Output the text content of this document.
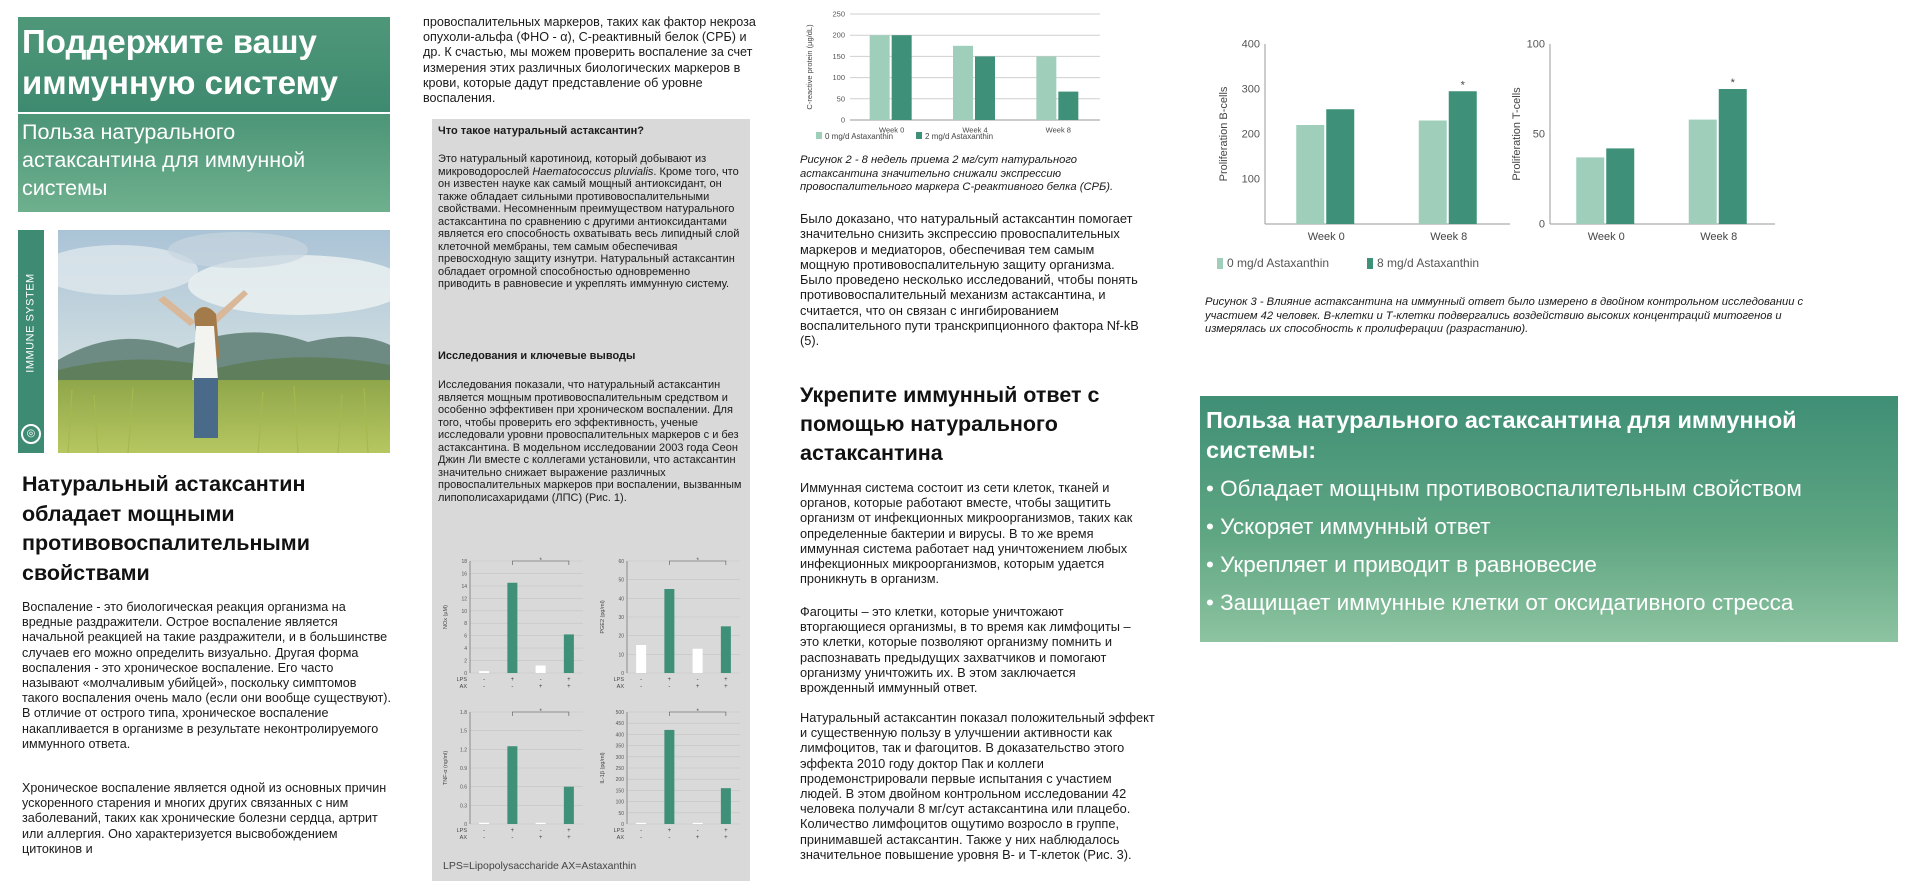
Поддержите вашу иммунную систему
Польза натурального астаксантина для иммунной системы
IMMUNE SYSTEM
◎
Натуральный астаксантин обладает мощными противовоспалительными свойствами

Воспаление - это биологическая реакция организма на вредные раздражители. Острое воспаление является начальной реакцией на такие раздражители, и в большинстве случаев его можно определить визуально. Другая форма воспаления - это хроническое воспаление. Его часто называют «молчаливым убийцей», поскольку симптомов такого воспаления очень мало (если они вообще существуют). В отличие от острого типа, хроническое воспаление накапливается в организме в результате неконтролируемого иммунного ответа.

Хроническое воспаление является одной из основных причин ускоренного старения и многих других связанных с ним заболеваний, таких как хронические болезни сердца, артрит или аллергия. Оно характеризуется высвобождением цитокинов и

провоспалительных маркеров, таких как фактор некроза опухоли-альфа (ФНО - α), С-реактивный белок (СРБ) и др. К счастью, мы можем проверить воспаление за счет измерения этих различных биологических маркеров в крови, которые дадут представление об уровне воспаления.

Что такое натуральный астаксантин?

Это натуральный каротиноид, который добывают из микроводорослей Haematococcus pluvialis. Кроме того, что он известен науке как самый мощный антиоксидант, он также обладает сильными противовоспалительными свойствами. Несомненным преимуществом натурального астаксантина по сравнению с другими антиоксидантами является его способность охватывать весь липидный слой клеточной мембраны, тем самым обеспечивая превосходную защиту изнутри. Натуральный астаксантин обладает огромной способностью одновременно приводить в равновесие и укреплять иммунную систему.

Исследования и ключевые выводы

Исследования показали, что натуральный астаксантин является мощным противовоспалительным средством и особенно эффективен при хроническом воспалении. Для того, чтобы проверить его эффективность, ученые исследовали уровни провоспалительных маркеров с и без астаксантина. В модельном исследовании 2003 года Сеон Джин Ли вместе с коллегами установили, что астаксантин значительно снижает выражение различных провоспалительных маркеров при воспалении, вызванным липополисахаридами (ЛПС) (Рис. 1).

0
2
4
6
8
10
12
14
16
18
NOx (µM)
-
-
+
-
-
+
+
+
LPS
AX
*
0
10
20
30
40
50
60
PGE2 (pg/ml)
-
-
+
-
-
+
+
+
LPS
AX
*
0
0.3
0.6
0.9
1.2
1.5
1.8
TNF-α (ng/ml)
-
-
+
-
-
+
+
+
LPS
AX
*
0
50
100
150
200
250
300
350
400
450
500
IL-1β (pg/ml)
-
-
+
-
-
+
+
+
LPS
AX
*
LPS=Lipopolysaccharide AX=Astaxanthin
0
50
100
150
200
250
Week 0	Week 4	Week 8
C-reactive protein (µg/dL)
0 mg/d Astaxanthin	2 mg/d Astaxanthin

Рисунок 2 - 8 недель приема 2 мг/сут натурального астаксантина значительно снижали экспрессию провоспалительного маркера С-реактивного белка (СРБ).

Было доказано, что натуральный астаксантин помогает значительно снизить экспрессию провоспалительных маркеров и медиаторов, обеспечивая тем самым мощную противовоспалительную защиту организма. Было проведено несколько исследований, чтобы понять противовоспалительный механизм астаксантина, и считается, что он связан с ингибированием воспалительного пути транскрипционного фактора Nf-kB (5).

Укрепите иммунный ответ с помощью натурального астаксантина

Иммунная система состоит из сети клеток, тканей и органов, которые работают вместе, чтобы защитить организм от инфекционных микроорганизмов, таких как определенные бактерии и вирусы. В то же время иммунная система работает над уничтожением любых инфекционных микроорганизмов, которым удается проникнуть в организм.

Фагоциты – это клетки, которые уничтожают вторгающиеся организмы, в то время как лимфоциты – это клетки, которые позволяют организму помнить и распознавать предыдущих захватчиков и помогают организму уничтожить их. В этом заключается врожденный иммунный ответ.

Натуральный астаксантин показал положительный эффект и существенную пользу в улучшении активности как лимфоцитов, так и фагоцитов. В доказательство этого эффекта 2010 году доктор Пак и коллеги продемонстрировали первые испытания с участием людей. В этом двойном контрольном исследовании 42 человека получали 8 мг/сут астаксантина или плацебо. Количество лимфоцитов ощутимо возросло в группе, принимавшей астаксантин. Также у них наблюдалось значительное повышение уровня В- и Т-клеток (Рис. 3).

100
200
300
400
Week 0	Week 8
*
Proliferation B-cells
0
50
100
Week 0	Week 8
*
Proliferation T-cells
0 mg/d Astaxanthin	8 mg/d Astaxanthin

Рисунок 3 - Влияние астаксантина на иммунный ответ было измерено в двойном контрольном исследовании с участием 42 человек. В-клетки и Т-клетки подвергались воздействию высоких концентраций митогенов и измерялась их способность к пролиферации (разрастанию).

Польза натурального астаксантина для иммунной системы:
• Обладает мощным противовоспалительным свойством
• Ускоряет иммунный ответ
• Укрепляет и приводит в равновесие
• Защищает иммунные клетки от оксидативного стресса
